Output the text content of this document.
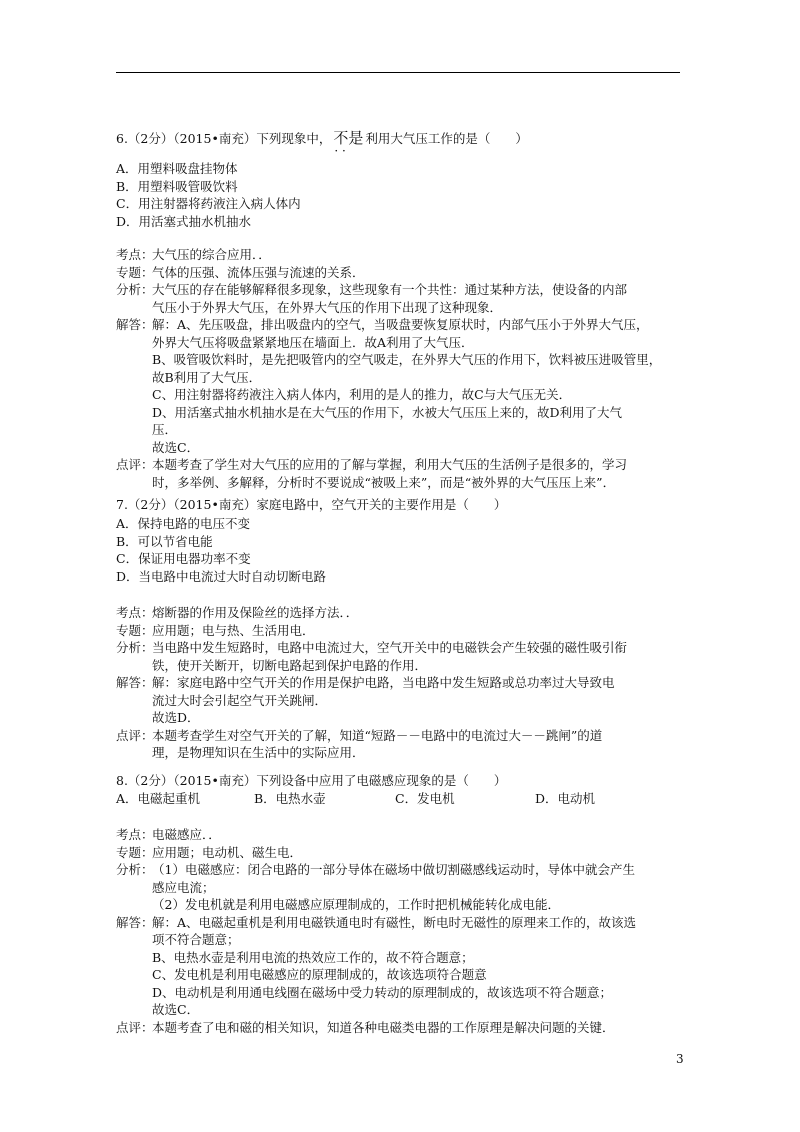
6.（2分）（2015•南充）下列现象中， 不是 · · 利用大气压工作的是（　　）
A．用塑料吸盘挂物体
B．用塑料吸管吸饮料
C．用注射器将药液注入病人体内
D．用活塞式抽水机抽水
考点：大气压的综合应用．．
专题：气体的压强、流体压强与流速的关系．
分析：大气压的存在能够解释很多现象，这些现象有一个共性：通过某种方法，使设备的内部
气压小于外界大气压，在外界大气压的作用下出现了这种现象．
解答：解：A、先压吸盘，排出吸盘内的空气，当吸盘要恢复原状时，内部气压小于外界大气压，
外界大气压将吸盘紧紧地压在墙面上．故A利用了大气压．
B、吸管吸饮料时，是先把吸管内的空气吸走，在外界大气压的作用下，饮料被压进吸管里，
故B利用了大气压．
C、用注射器将药液注入病人体内，利用的是人的推力，故C与大气压无关．
D、用活塞式抽水机抽水是在大气压的作用下，水被大气压压上来的，故D利用了大气
压．
故选C．
点评：本题考查了学生对大气压的应用的了解与掌握，利用大气压的生活例子是很多的，学习
时，多举例、多解释，分析时不要说成“被吸上来”，而是“被外界的大气压压上来”．
7.（2分）（2015•南充）家庭电路中，空气开关的主要作用是（　　）
A．保持电路的电压不变
B．可以节省电能
C．保证用电器功率不变
D．当电路中电流过大时自动切断电路
考点：熔断器的作用及保险丝的选择方法．．
专题：应用题；电与热、生活用电．
分析：当电路中发生短路时，电路中电流过大，空气开关中的电磁铁会产生较强的磁性吸引衔
铁，使开关断开，切断电路起到保护电路的作用．
解答：解：家庭电路中空气开关的作用是保护电路，当电路中发生短路或总功率过大导致电
流过大时会引起空气开关跳闸．
故选D．
点评：本题考查学生对空气开关的了解，知道“短路－－电路中的电流过大－－跳闸”的道
理，是物理知识在生活中的实际应用．
8.（2分）（2015•南充）下列设备中应用了电磁感应现象的是（　　）
A．电磁起重机	B．电热水壶	C．发电机	D．电动机
考点：电磁感应．．
专题：应用题；电动机、磁生电．
分析：（1）电磁感应：闭合电路的一部分导体在磁场中做切割磁感线运动时，导体中就会产生
感应电流；
（2）发电机就是利用电磁感应原理制成的，工作时把机械能转化成电能．
解答：解：A、电磁起重机是利用电磁铁通电时有磁性，断电时无磁性的原理来工作的，故该选
项不符合题意；
B、电热水壶是利用电流的热效应工作的，故不符合题意；
C、发电机是利用电磁感应的原理制成的，故该选项符合题意
D、电动机是利用通电线圈在磁场中受力转动的原理制成的，故该选项不符合题意；
故选C．
点评：本题考查了电和磁的相关知识，知道各种电磁类电器的工作原理是解决问题的关键．
3
